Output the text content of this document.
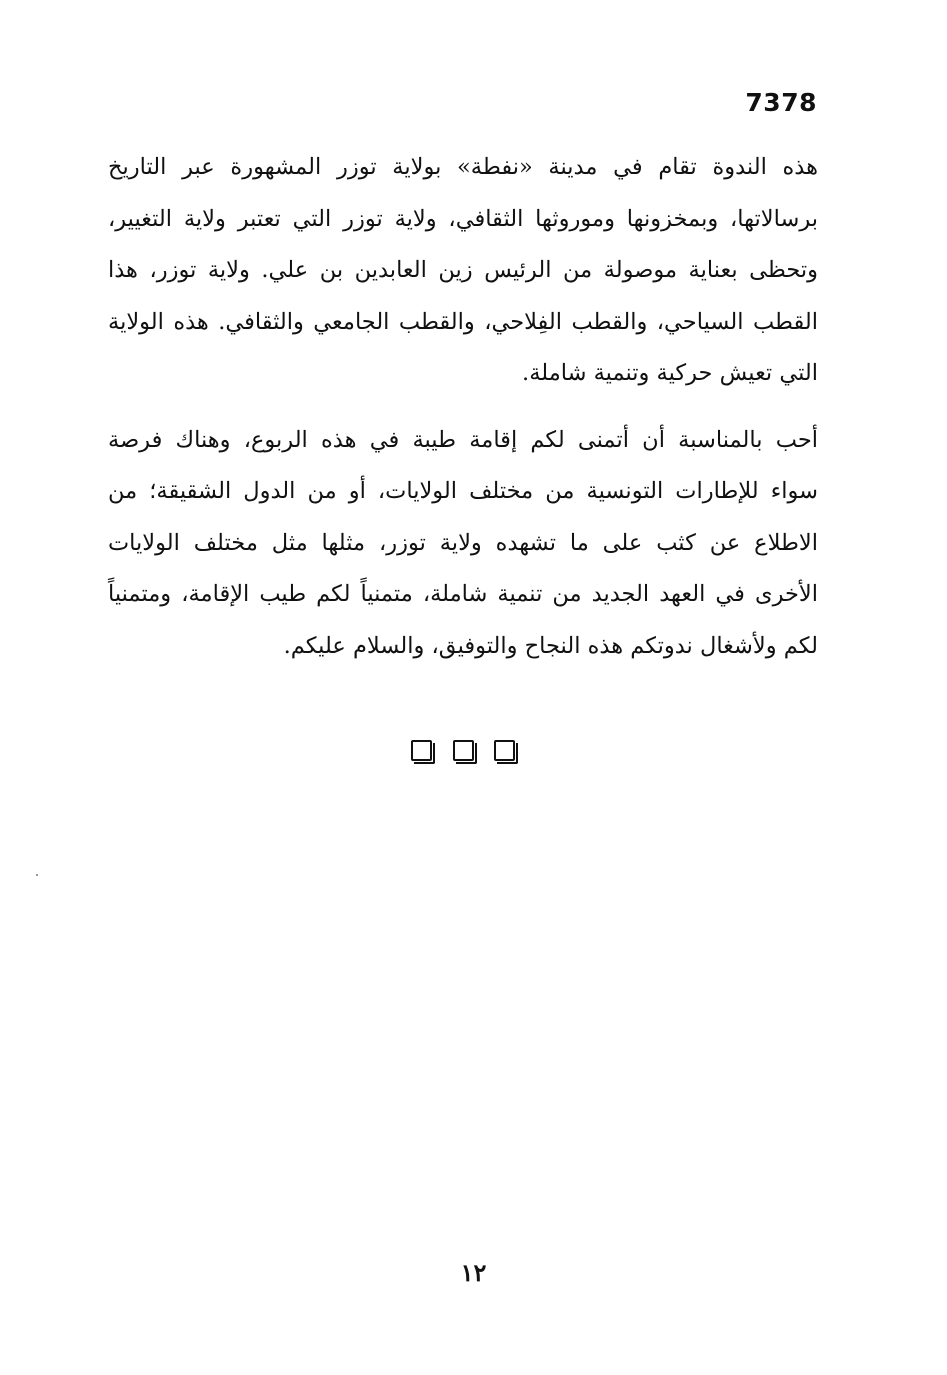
7378

هذه الندوة تقام في مدينة «نفطة» بولاية توزر المشهورة عبر التاريخ
برسالاتها، وبمخزونها وموروثها الثقافي، ولاية توزر التي تعتبر ولاية التغيير،
وتحظى بعناية موصولة من الرئيس زين العابدين بن علي. ولاية توزر، هذا
القطب السياحي، والقطب الفِلاحي، والقطب الجامعي والثقافي. هذه الولاية
التي تعيش حركية وتنمية شاملة.

أحب بالمناسبة أن أتمنى لكم إقامة طيبة في هذه الربوع، وهناك فرصة
سواء للإطارات التونسية من مختلف الولايات، أو من الدول الشقيقة؛ من
الاطلاع عن كثب على ما تشهده ولاية توزر، مثلها مثل مختلف الولايات
الأخرى في العهد الجديد من تنمية شاملة، متمنياً لكم طيب الإقامة، ومتمنياً
لكم ولأشغال ندوتكم هذه النجاح والتوفيق، والسلام عليكم.

١٢
